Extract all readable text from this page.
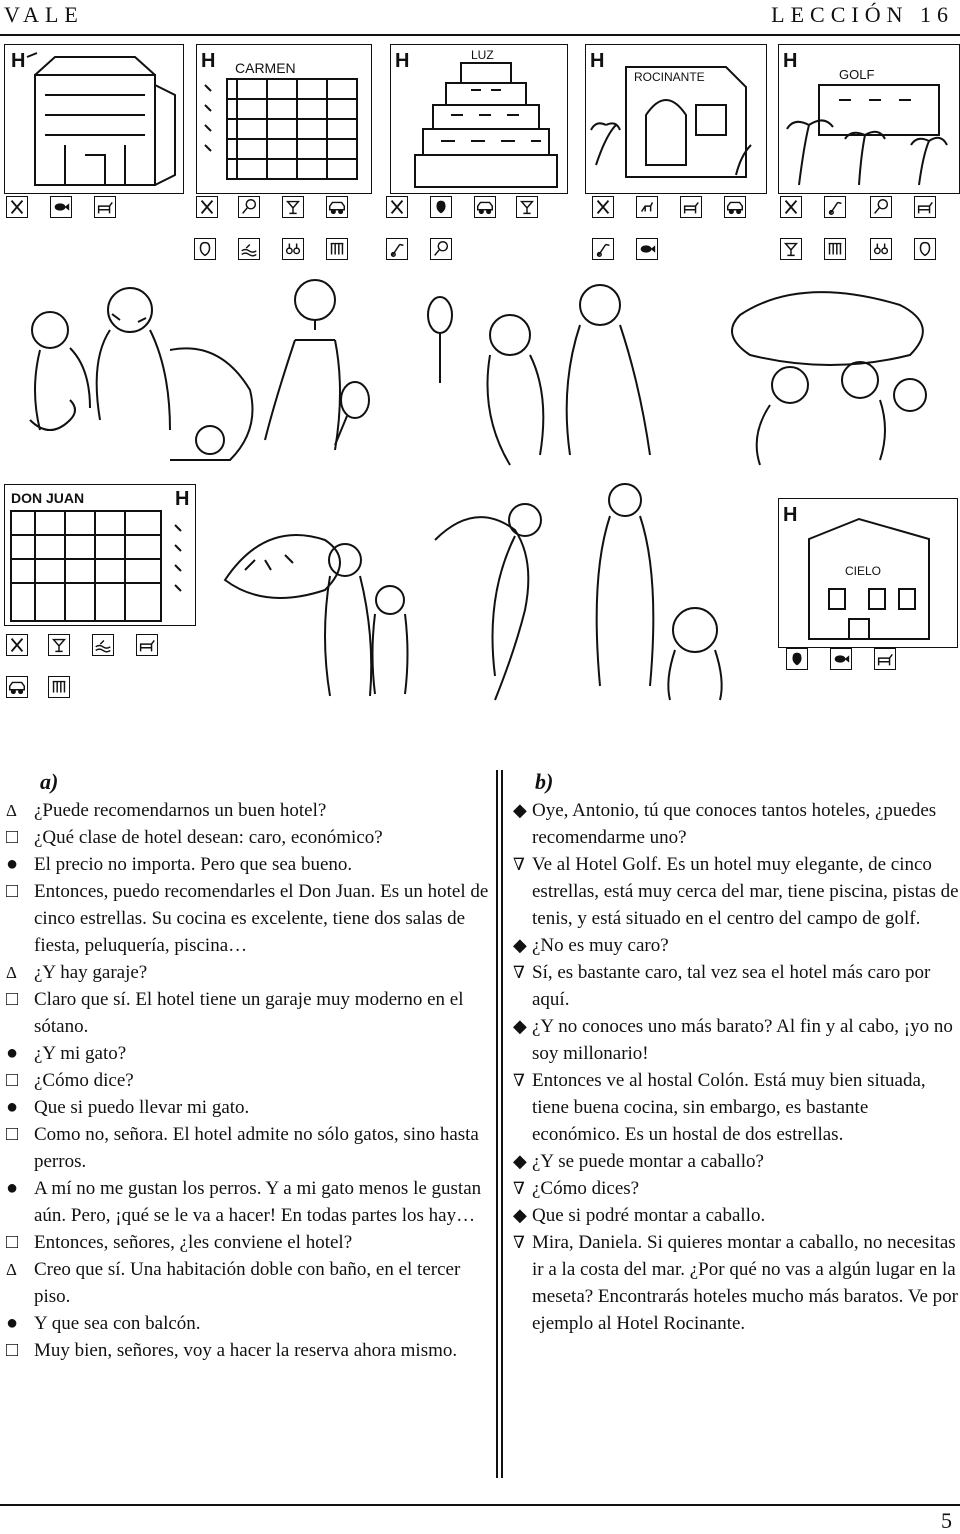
VALE	LECCIÓN 16
H	H CARMEN	H	LUZ	H
ROCINANTE
H
GOLF
DON JUAN	H
H
CIELO
a)
Δ ¿Puede recomendarnos un buen hotel?
□ ¿Qué clase de hotel desean: caro, económico?
● El precio no importa. Pero que sea bueno.
□ Entonces, puedo recomendarles el Don Juan. Es un hotel de cinco estrellas. Su cocina es excelente, tiene dos salas de fiesta, peluquería, piscina…
Δ ¿Y hay garaje?
□ Claro que sí. El hotel tiene un garaje muy moderno en el sótano.
● ¿Y mi gato?
□ ¿Cómo dice?
● Que si puedo llevar mi gato.
□ Como no, señora. El hotel admite no sólo gatos, sino hasta perros.
● A mí no me gustan los perros. Y a mi gato menos le gustan aún. Pero, ¡qué se le va a hacer! En todas partes los hay…
□ Entonces, señores, ¿les conviene el hotel?
Δ Creo que sí. Una habitación doble con baño, en el tercer piso.
● Y que sea con balcón.
□ Muy bien, señores, voy a hacer la reserva ahora mismo.
b)
◆ Oye, Antonio, tú que conoces tantos hoteles, ¿puedes recomendarme uno?
∇ Ve al Hotel Golf. Es un hotel muy elegante, de cinco estrellas, está muy cerca del mar, tiene piscina, pistas de tenis, y está situado en el centro del campo de golf.
◆ ¿No es muy caro?
∇ Sí, es bastante caro, tal vez sea el hotel más caro por aquí.
◆ ¿Y no conoces uno más barato? Al fin y al cabo, ¡yo no soy millonario!
∇ Entonces ve al hostal Colón. Está muy bien situada, tiene buena cocina, sin embargo, es bastante económico. Es un hostal de dos estrellas.
◆ ¿Y se puede montar a caballo?
∇ ¿Cómo dices?
◆ Que si podré montar a caballo.
∇ Mira, Daniela. Si quieres montar a caballo, no necesitas ir a la costa del mar. ¿Por qué no vas a algún lugar en la meseta? Encontrarás hoteles mucho más baratos. Ve por ejemplo al Hotel Rocinante.
5
